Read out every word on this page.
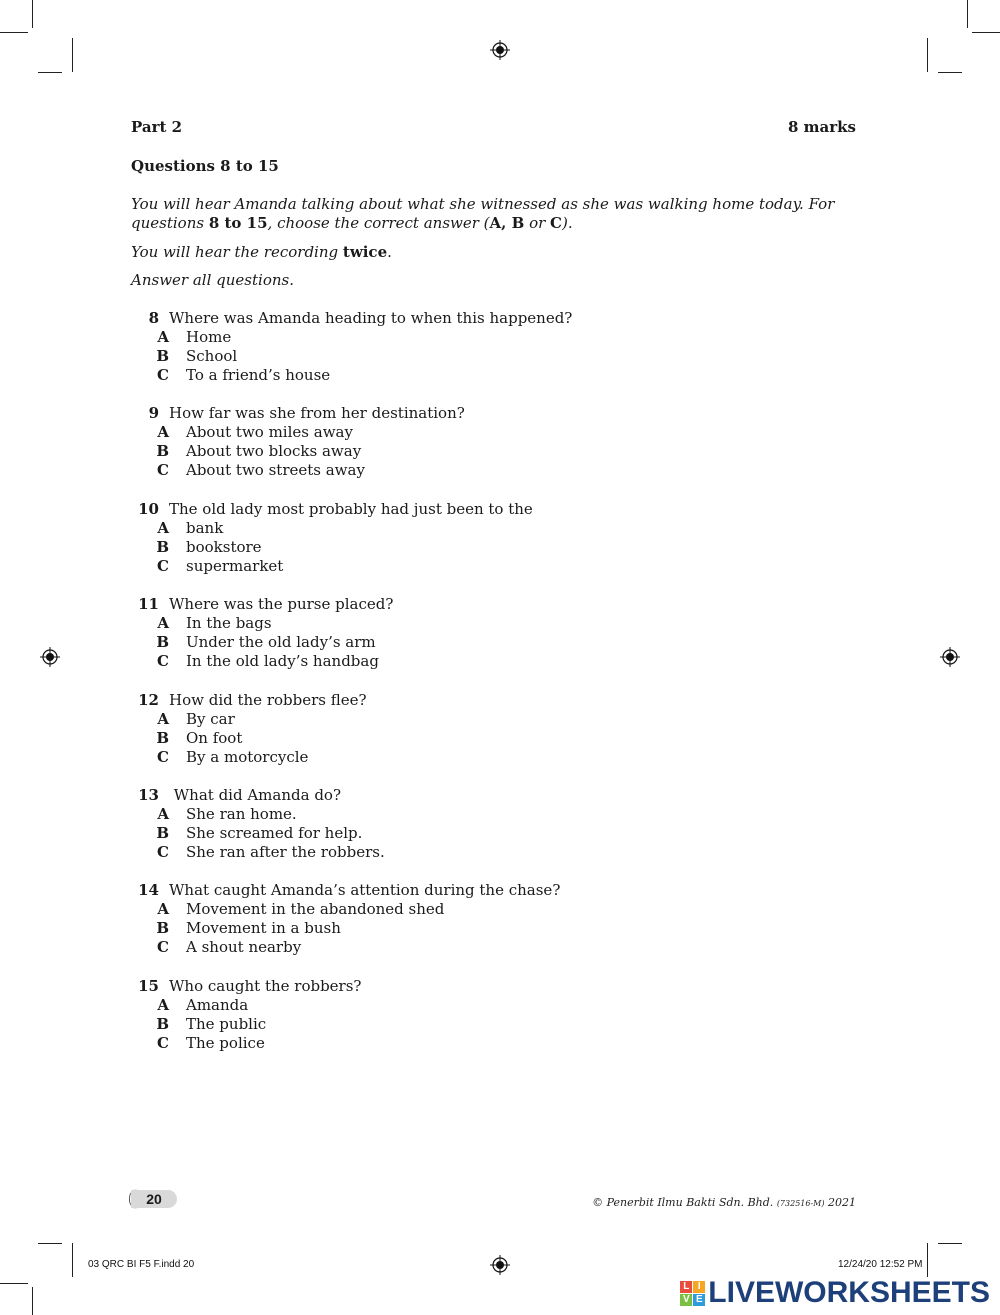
Part 2	8 marks
Questions 8 to 15
You will hear Amanda talking about what she witnessed as she was walking home today. For questions 8 to 15, choose the correct answer (A, B or C).
You will hear the recording twice.
Answer all questions.
8 Where was Amanda heading to when this happened?
A Home
B School
C To a friend’s house
9 How far was she from her destination?
A About two miles away
B About two blocks away
C About two streets away
10 The old lady most probably had just been to the
A bank
B bookstore
C supermarket
11 Where was the purse placed?
A In the bags
B Under the old lady’s arm
C In the old lady’s handbag
12 How did the robbers flee?
A By car
B On foot
C By a motorcycle
13 What did Amanda do?
A She ran home.
B She screamed for help.
C She ran after the robbers.
14 What caught Amanda’s attention during the chase?
A Movement in the abandoned shed
B Movement in a bush
C A shout nearby
15 Who caught the robbers?
A Amanda
B The public
C The police
20	© Penerbit Ilmu Bakti Sdn. Bhd. (732516-M) 2021
03 QRC BI F5 F.indd 20	12/24/20 12:52 PM
L I
V E LIVEWORKSHEETS
